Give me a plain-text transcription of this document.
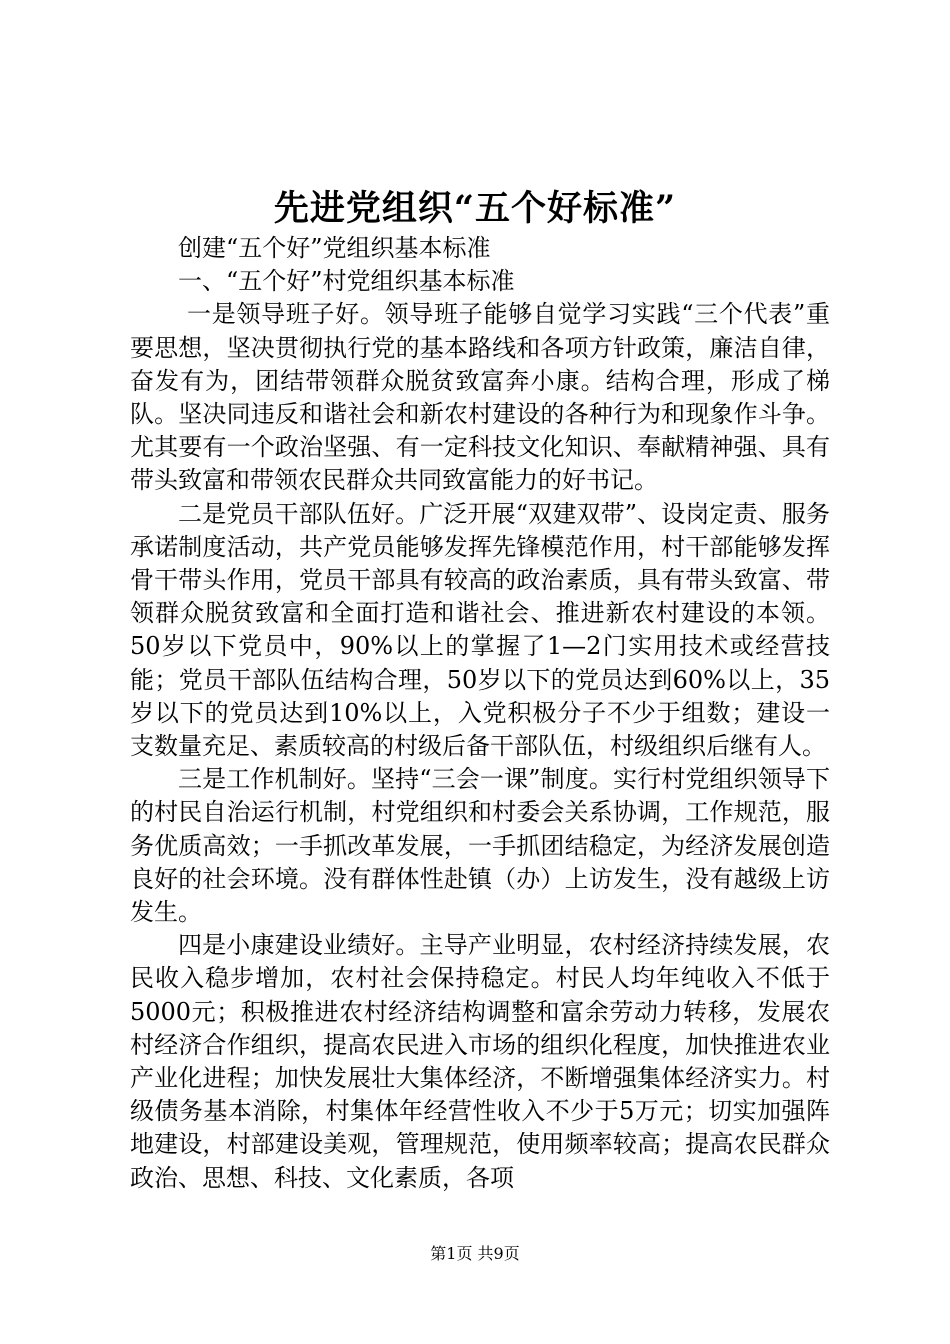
先进党组织“五个好标准”

创建“五个好”党组织基本标准

一、“五个好”村党组织基本标准

一是领导班子好。领导班子能够自觉学习实践“三个代表”重要思想，坚决贯彻执行党的基本路线和各项方针政策，廉洁自律，奋发有为，团结带领群众脱贫致富奔小康。结构合理，形成了梯队。坚决同违反和谐社会和新农村建设的各种行为和现象作斗争。尤其要有一个政治坚强、有一定科技文化知识、奉献精神强、具有带头致富和带领农民群众共同致富能力的好书记。

二是党员干部队伍好。广泛开展“双建双带”、设岗定责、服务承诺制度活动，共产党员能够发挥先锋模范作用，村干部能够发挥骨干带头作用，党员干部具有较高的政治素质，具有带头致富、带领群众脱贫致富和全面打造和谐社会、推进新农村建设的本领。50岁以下党员中，90%以上的掌握了1—2门实用技术或经营技能；党员干部队伍结构合理，50岁以下的党员达到60%以上，35岁以下的党员达到10%以上，入党积极分子不少于组数；建设一支数量充足、素质较高的村级后备干部队伍，村级组织后继有人。

三是工作机制好。坚持“三会一课”制度。实行村党组织领导下的村民自治运行机制，村党组织和村委会关系协调，工作规范，服务优质高效；一手抓改革发展，一手抓团结稳定，为经济发展创造良好的社会环境。没有群体性赴镇（办）上访发生，没有越级上访发生。

四是小康建设业绩好。主导产业明显，农村经济持续发展，农民收入稳步增加，农村社会保持稳定。村民人均年纯收入不低于5000元；积极推进农村经济结构调整和富余劳动力转移，发展农村经济合作组织，提高农民进入市场的组织化程度，加快推进农业产业化进程；加快发展壮大集体经济，不断增强集体经济实力。村级债务基本消除，村集体年经营性收入不少于5万元；切实加强阵地建设，村部建设美观，管理规范，使用频率较高；提高农民群众政治、思想、科技、文化素质，各项

第1页 共9页
